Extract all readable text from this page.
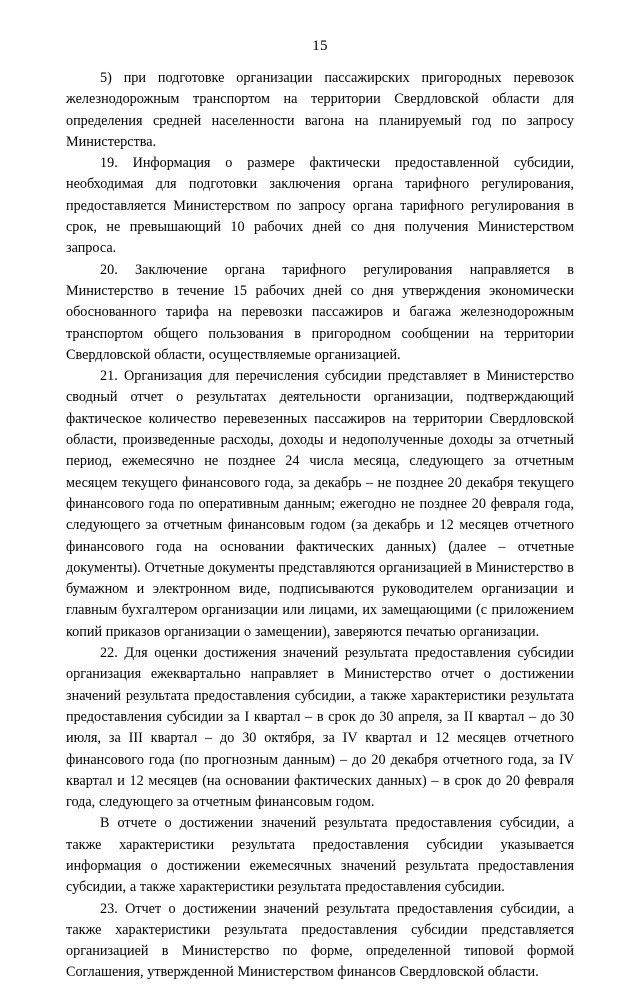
15

5) при подготовке организации пассажирских пригородных перевозок железнодорожным транспортом на территории Свердловской области для определения средней населенности вагона на планируемый год по запросу Министерства.

19. Информация о размере фактически предоставленной субсидии, необходимая для подготовки заключения органа тарифного регулирования, предоставляется Министерством по запросу органа тарифного регулирования в срок, не превышающий 10 рабочих дней со дня получения Министерством запроса.

20. Заключение органа тарифного регулирования направляется в Министерство в течение 15 рабочих дней со дня утверждения экономически обоснованного тарифа на перевозки пассажиров и багажа железнодорожным транспортом общего пользования в пригородном сообщении на территории Свердловской области, осуществляемые организацией.

21. Организация для перечисления субсидии представляет в Министерство сводный отчет о результатах деятельности организации, подтверждающий фактическое количество перевезенных пассажиров на территории Свердловской области, произведенные расходы, доходы и недополученные доходы за отчетный период, ежемесячно не позднее 24 числа месяца, следующего за отчетным месяцем текущего финансового года, за декабрь – не позднее 20 декабря текущего финансового года по оперативным данным; ежегодно не позднее 20 февраля года, следующего за отчетным финансовым годом (за декабрь и 12 месяцев отчетного финансового года на основании фактических данных) (далее – отчетные документы). Отчетные документы представляются организацией в Министерство в бумажном и электронном виде, подписываются руководителем организации и главным бухгалтером организации или лицами, их замещающими (с приложением копий приказов организации о замещении), заверяются печатью организации.

22. Для оценки достижения значений результата предоставления субсидии организация ежеквартально направляет в Министерство отчет о достижении значений результата предоставления субсидии, а также характеристики результата предоставления субсидии за I квартал – в срок до 30 апреля, за II квартал – до 30 июля, за III квартал – до 30 октября, за IV квартал и 12 месяцев отчетного финансового года (по прогнозным данным) – до 20 декабря отчетного года, за IV квартал и 12 месяцев (на основании фактических данных) – в срок до 20 февраля года, следующего за отчетным финансовым годом.

В отчете о достижении значений результата предоставления субсидии, а также характеристики результата предоставления субсидии указывается информация о достижении ежемесячных значений результата предоставления субсидии, а также характеристики результата предоставления субсидии.

23. Отчет о достижении значений результата предоставления субсидии, а также характеристики результата предоставления субсидии представляется организацией в Министерство по форме, определенной типовой формой Соглашения, утвержденной Министерством финансов Свердловской области.
